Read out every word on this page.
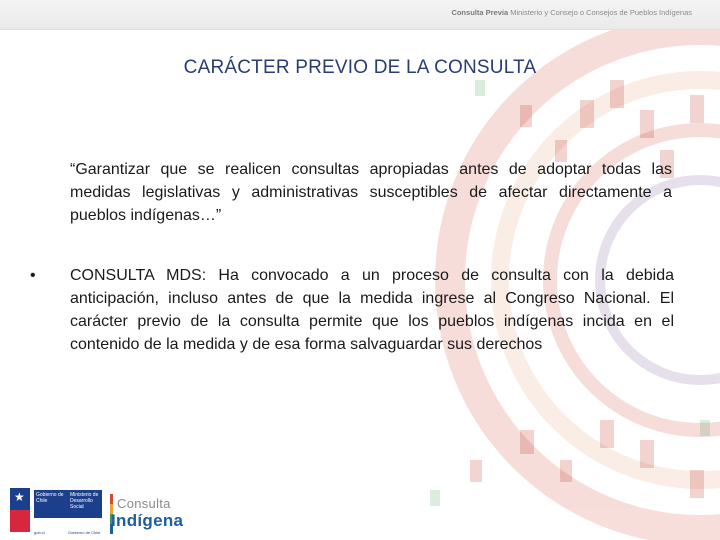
Consulta Previa Ministerio y Consejo o Consejos de Pueblos Indígenas
CARÁCTER PREVIO DE LA CONSULTA
“Garantizar que se realicen consultas apropiadas antes de adoptar todas las medidas legislativas y administrativas susceptibles de afectar directamente a pueblos indígenas…”
• CONSULTA MDS: Ha convocado a un proceso de consulta con la debida anticipación, incluso antes de que la medida ingrese al Congreso Nacional. El carácter previo de la consulta permite que los pueblos indígenas incida en el contenido de la medida y de esa forma salvaguardar sus derechos
★	Gobierno de Chile
Ministerio de Desarrollo Social
gob.cl	Gobierno de Chile
Consulta
Indígena
